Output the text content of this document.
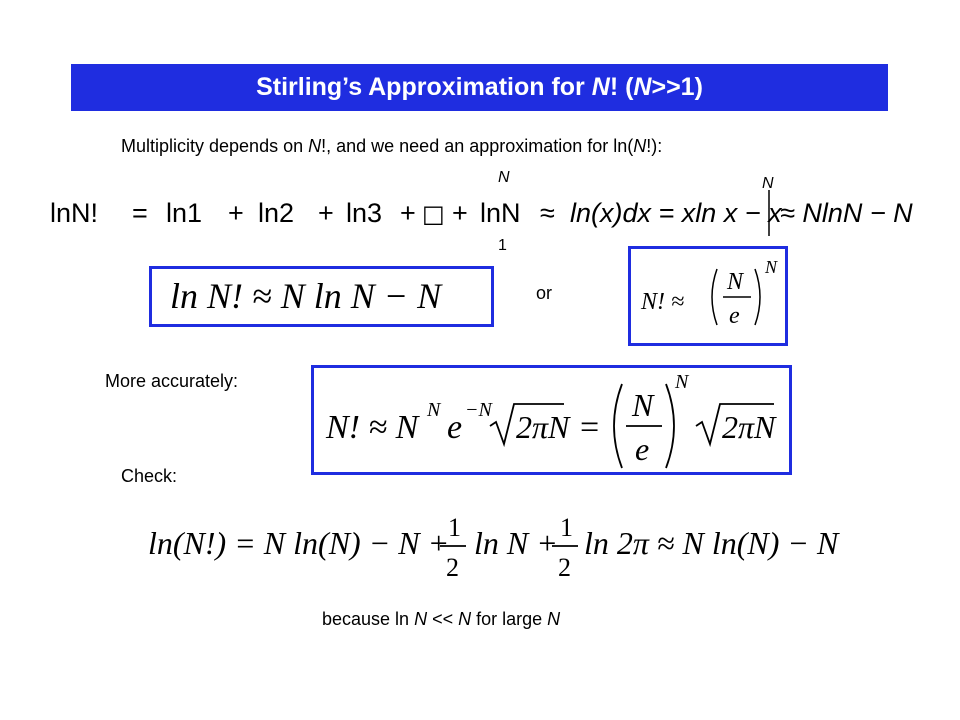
Stirling’s Approximation for N! (N>>1)
Multiplicity depends on N!, and we need an approximation for ln(N!):
lnN! = ln1 + ln2 + ln3 + □ + lnN ≈
N
1
ln(x)dx = xln x − x
N
≈ NlnN − N
ln N! ≈ N ln N − N	or	N! ≈
N
e
N
More accurately:
N! ≈ N N e −N 2πN =
N
e
N
2πN
Check:
ln(N!) = N ln(N) − N +
1
2
ln N + 1
2
ln 2π ≈ N ln(N) − N
because ln N << N for large N
